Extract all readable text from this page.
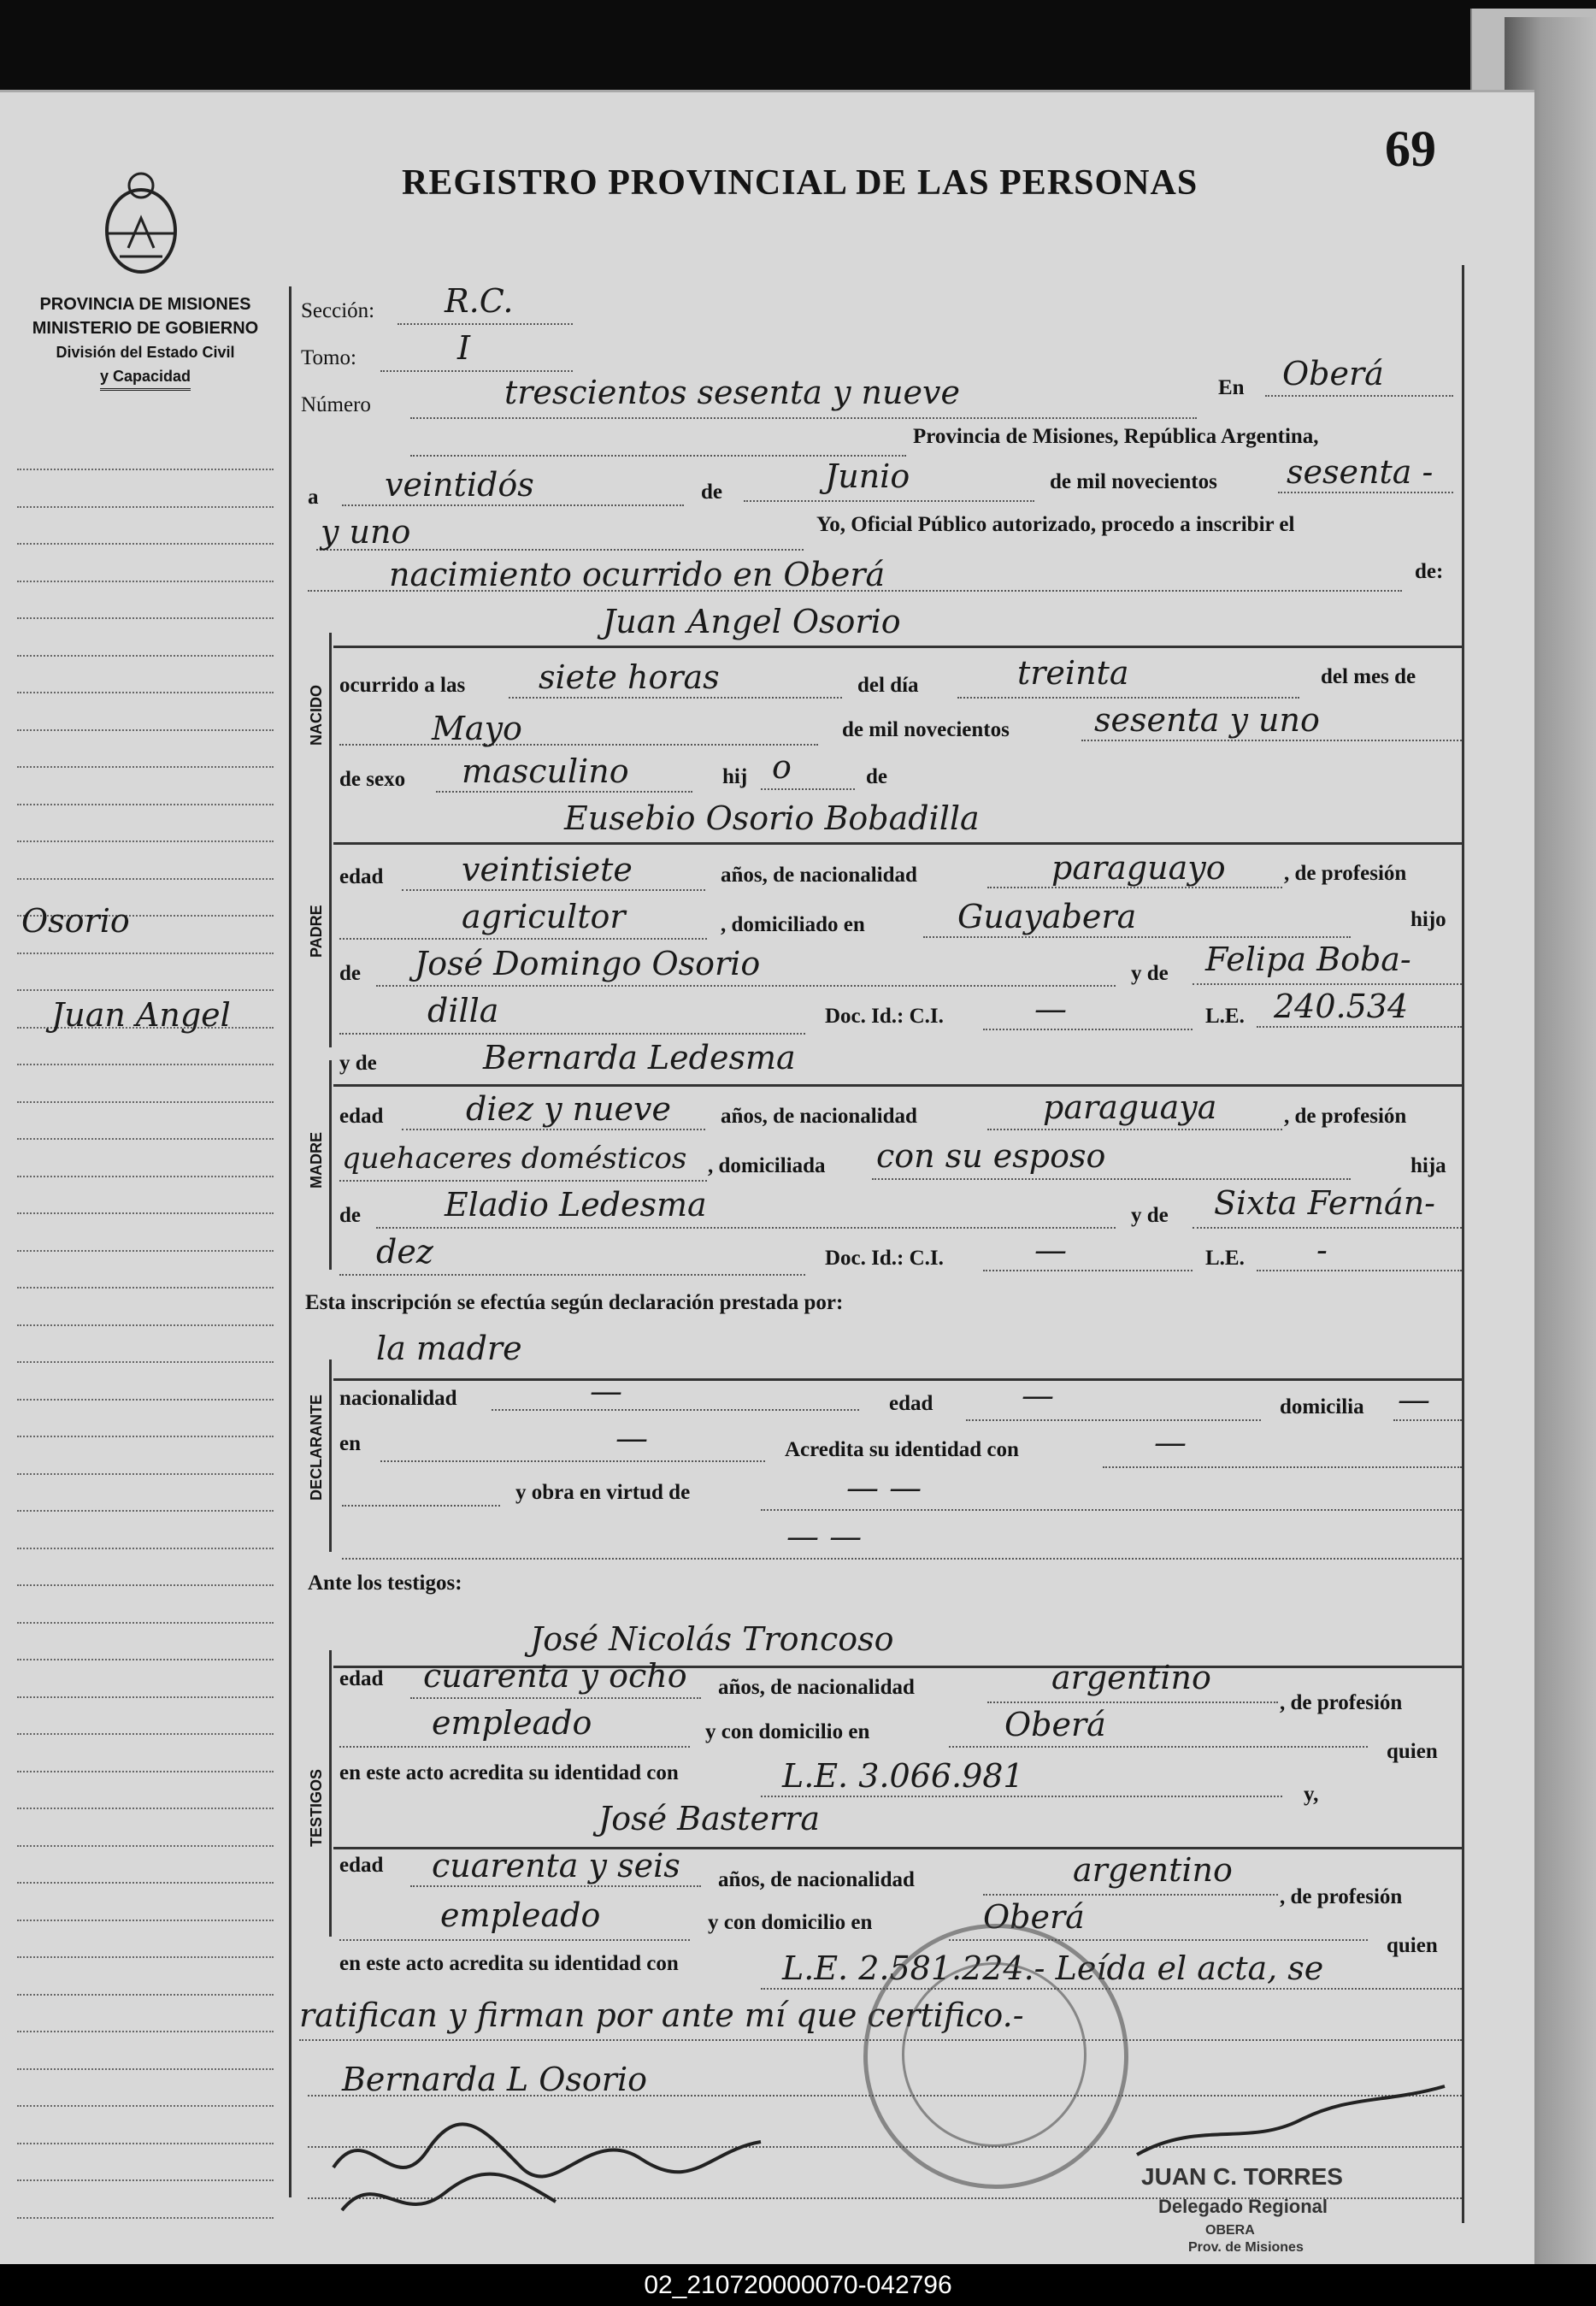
69
REGISTRO PROVINCIAL DE LAS PERSONAS
PROVINCIA DE MISIONES
MINISTERIO DE GOBIERNO
División del Estado Civil
y Capacidad
Osorio
Juan Angel
Sección: R.C.
Tomo:	I
Número	trescientos sesenta y nueve	En Oberá
Provincia de Misiones, República Argentina,
a veintidós	de	Junio	de mil novecientos sesenta -
y uno	Yo, Oficial Público autorizado, procedo a inscribir el
nacimiento ocurrido en Oberá	de:
Juan Angel Osorio
NACIDO ocurrido a las siete horas	del día	treinta	del mes de
Mayo	de mil novecientos	sesenta y uno
de sexo masculino	hij o	de
Eusebio Osorio Bobadilla
PADRE
edad veintisiete	años, de nacionalidad	paraguayo	, de profesión
agricultor	, domiciliado en	Guayabera	hijo
de José Domingo Osorio	y de Felipa Boba-
dilla	Doc. Id.: C.I.	—	L.E. 240.534
y de	Bernarda Ledesma
MADRE
edad	diez y nueve años, de nacionalidad	paraguaya	, de profesión
quehaceres domésticos , domiciliada con su esposo	hija
de	Eladio Ledesma	y de Sixta Fernán-
dez	Doc. Id.: C.I.	—	L.E. -
Esta inscripción se efectúa según declaración prestada por:
la madre
DECLARANTE nacionalidad	—	edad	—	domicilia —
en	—	Acredita su identidad con	—
y obra en virtud de	— —
— —
Ante los testigos:
José Nicolás Troncoso
TESTIGOS
edad cuarenta y ocho años, de nacionalidad	argentino
, de profesión
empleado	y con domicilio en	Oberá
quien
en este acto acredita su identidad con	L.E. 3.066.981	y,
José Basterra
edad cuarenta y seis años, de nacionalidad	argentino
, de profesión
empleado	y con domicilio en	Oberá
quien
en este acto acredita su identidad con	L.E. 2.581.224.- Leída el acta, se
ratifican y firman por ante mí que certifico.-
Bernarda L Osorio
JUAN C. TORRES
Delegado Regional
OBERA
Prov. de Misiones
02_210720000070-042796
